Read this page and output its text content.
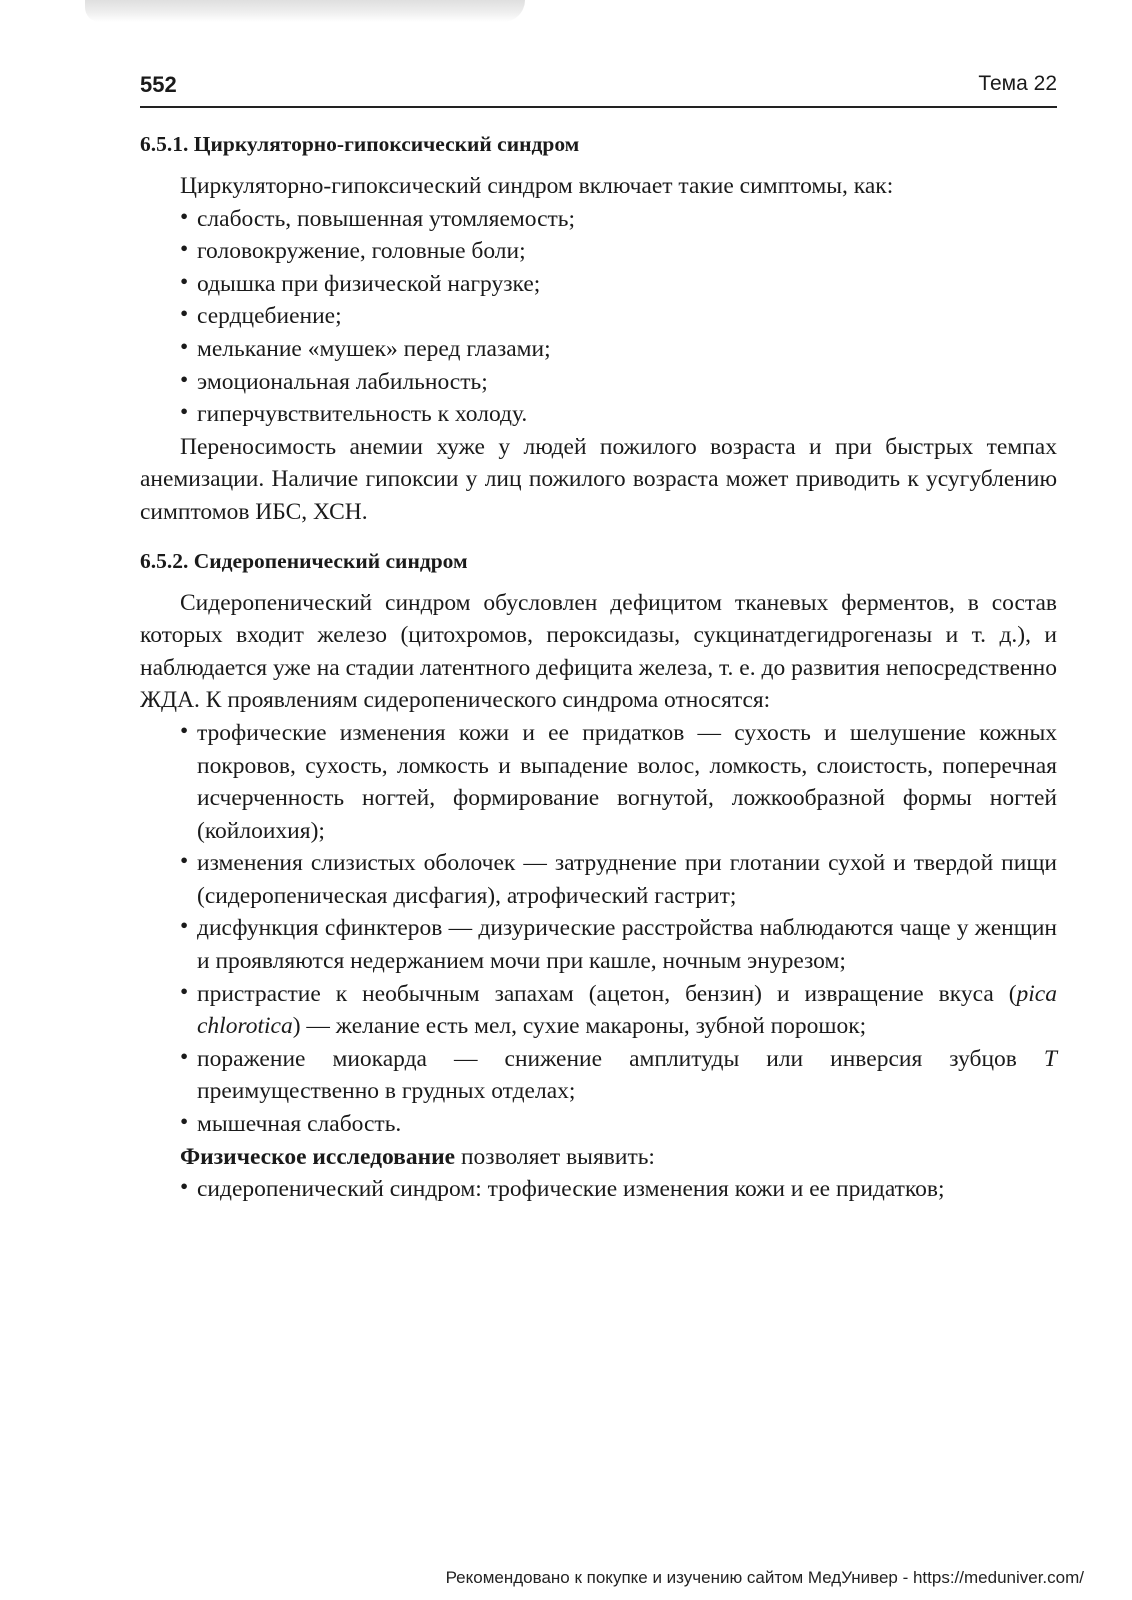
552	Тема 22
6.5.1. Циркуляторно-гипоксический синдром

Циркуляторно-гипоксический синдром включает такие симптомы, как:

• слабость, повышенная утомляемость;
• головокружение, головные боли;
• одышка при физической нагрузке;
• сердцебиение;
• мелькание «мушек» перед глазами;
• эмоциональная лабильность;
• гиперчувствительность к холоду.

Переносимость анемии хуже у людей пожилого возраста и при быстрых темпах анемизации. Наличие гипоксии у лиц пожилого возраста может приводить к усугублению симптомов ИБС, ХСН.

6.5.2. Сидеропенический синдром

Сидеропенический синдром обусловлен дефицитом тканевых ферментов, в состав которых входит железо (цитохромов, пероксидазы, сукцинатдегидрогеназы и т. д.), и наблюдается уже на стадии латентного дефицита железа, т. е. до развития непосредственно ЖДА. К проявлениям сидеропенического синдрома относятся:

• трофические изменения кожи и ее придатков — сухость и шелушение кожных покровов, сухость, ломкость и выпадение волос, ломкость, слоистость, поперечная исчерченность ногтей, формирование вогнутой, ложкообразной формы ногтей (койлоихия);
• изменения слизистых оболочек — затруднение при глотании сухой и твердой пищи (сидеропеническая дисфагия), атрофический гастрит;
• дисфункция сфинктеров — дизурические расстройства наблюдаются чаще у женщин и проявляются недержанием мочи при кашле, ночным энурезом;
• пристрастие к необычным запахам (ацетон, бензин) и извращение вкуса (pica chlorotica) — желание есть мел, сухие макароны, зубной порошок;
• поражение миокарда — снижение амплитуды или инверсия зубцов T преимущественно в грудных отделах;
• мышечная слабость.

Физическое исследование позволяет выявить:

• сидеропенический синдром: трофические изменения кожи и ее придатков;
Рекомендовано к покупке и изучению сайтом МедУнивер - https://meduniver.com/
